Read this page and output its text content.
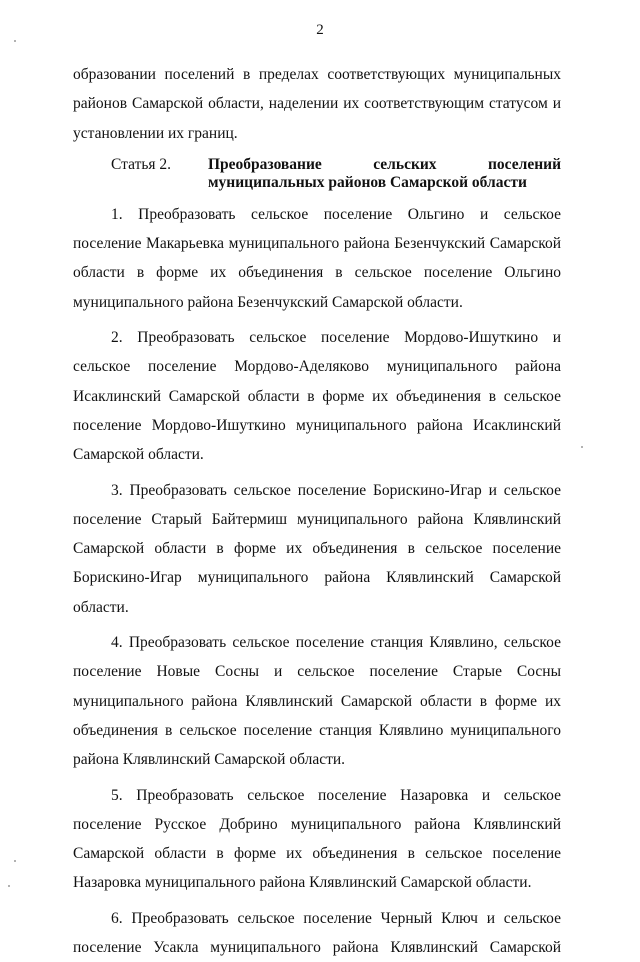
2

образовании поселений в пределах соответствующих муниципальных районов Самарской области, наделении их соответствующим статусом и установлении их границ.

Статья 2. Преобразование сельских поселений муниципальных районов Самарской области

1. Преобразовать сельское поселение Ольгино и сельское поселение Макарьевка муниципального района Безенчукский Самарской области в форме их объединения в сельское поселение Ольгино муниципального района Безенчукский Самарской области.

2. Преобразовать сельское поселение Мордово-Ишуткино и сельское поселение Мордово-Аделяково муниципального района Исаклинский Самарской области в форме их объединения в сельское поселение Мордово-Ишуткино муниципального района Исаклинский Самарской области.

3. Преобразовать сельское поселение Борискино-Игар и сельское поселение Старый Байтермиш муниципального района Клявлинский Самарской области в форме их объединения в сельское поселение Борискино-Игар муниципального района Клявлинский Самарской области.

4. Преобразовать сельское поселение станция Клявлино, сельское поселение Новые Сосны и сельское поселение Старые Сосны муниципального района Клявлинский Самарской области в форме их объединения в сельское поселение станция Клявлино муниципального района Клявлинский Самарской области.

5. Преобразовать сельское поселение Назаровка и сельское поселение Русское Добрино муниципального района Клявлинский Самарской области в форме их объединения в сельское поселение Назаровка муниципального района Клявлинский Самарской области.

6. Преобразовать сельское поселение Черный Ключ и сельское поселение Усакла муниципального района Клявлинский Самарской
